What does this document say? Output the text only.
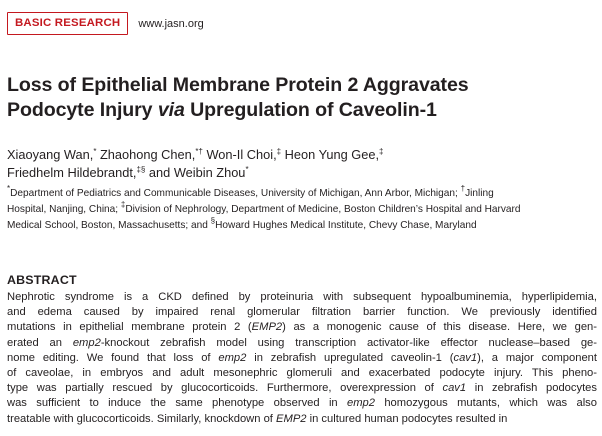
BASIC RESEARCH	www.jasn.org
Loss of Epithelial Membrane Protein 2 Aggravates
Podocyte Injury via Upregulation of Caveolin-1
Xiaoyang Wan,* Zhaohong Chen,*† Won-Il Choi,‡ Heon Yung Gee,‡
Friedhelm Hildebrandt,‡§ and Weibin Zhou*
*Department of Pediatrics and Communicable Diseases, University of Michigan, Ann Arbor, Michigan; †Jinling
Hospital, Nanjing, China; ‡Division of Nephrology, Department of Medicine, Boston Children’s Hospital and Harvard
Medical School, Boston, Massachusetts; and §Howard Hughes Medical Institute, Chevy Chase, Maryland
ABSTRACT
Nephrotic syndrome is a CKD defined by proteinuria with subsequent hypoalbuminemia, hyperlipidemia,
and edema caused by impaired renal glomerular filtration barrier function. We previously identified
mutations in epithelial membrane protein 2 (EMP2) as a monogenic cause of this disease. Here, we gen-
erated an emp2-knockout zebrafish model using transcription activator-like effector nuclease–based ge-
nome editing. We found that loss of emp2 in zebrafish upregulated caveolin-1 (cav1), a major component
of caveolae, in embryos and adult mesonephric glomeruli and exacerbated podocyte injury. This pheno-
type was partially rescued by glucocorticoids. Furthermore, overexpression of cav1 in zebrafish podocytes
was sufficient to induce the same phenotype observed in emp2 homozygous mutants, which was also
treatable with glucocorticoids. Similarly, knockdown of EMP2 in cultured human podocytes resulted in
